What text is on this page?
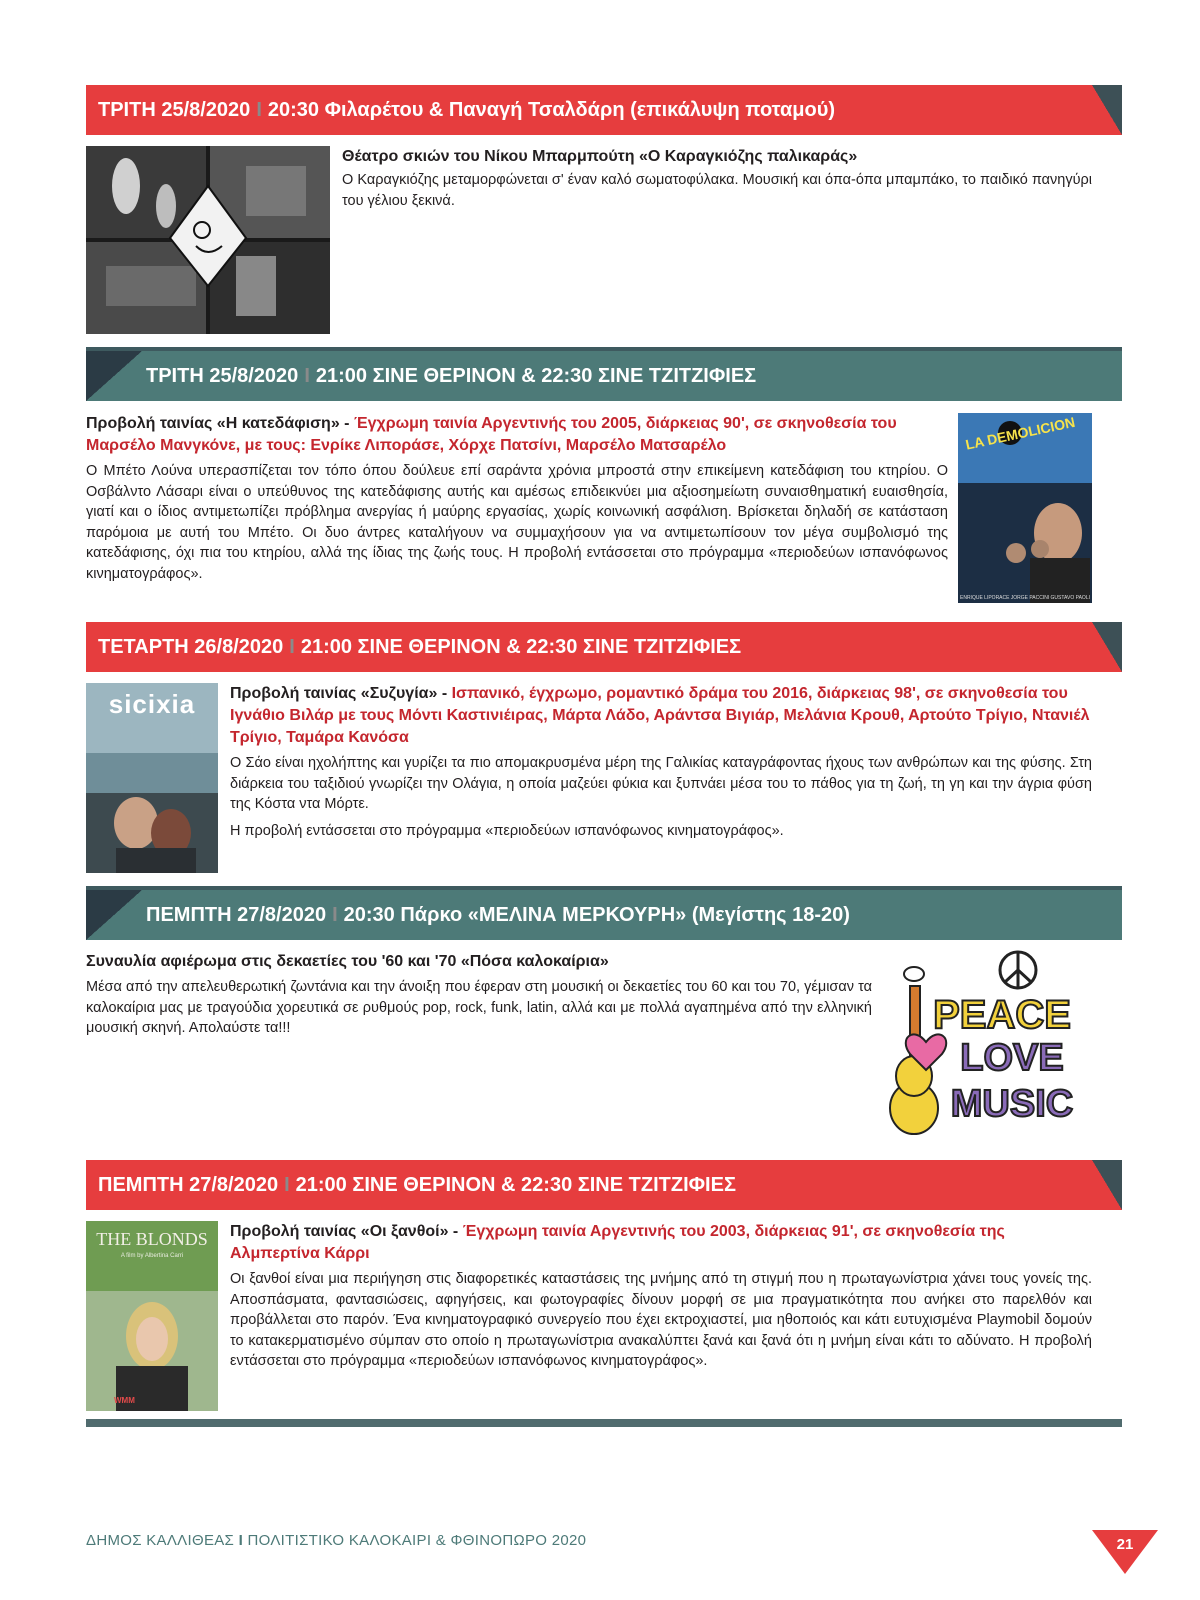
ΤΡΙΤΗ 25/8/2020 I 20:30 Φιλαρέτου & Παναγή Τσαλδάρη (επικάλυψη ποταμού)
Θέατρο σκιών του Νίκου Μπαρμπούτη «Ο Καραγκιόζης παλικαράς»
Ο Καραγκιόζης μεταμορφώνεται σ' έναν καλό σωματοφύλακα. Μουσική και όπα-όπα μπαμπάκο, το παιδικό πανηγύρι του γέλιου ξεκινά.
ΤΡΙΤΗ 25/8/2020 I 21:00 ΣΙΝΕ ΘΕΡΙΝΟΝ & 22:30 ΣΙΝΕ ΤΖΙΤΖΙΦΙΕΣ
Προβολή ταινίας «Η κατεδάφιση» - Έγχρωμη ταινία Αργεντινής του 2005, διάρκειας 90', σε σκηνοθεσία του Μαρσέλο Μανγκόνε, με τους: Ενρίκε Λιποράσε, Χόρχε Πατσίνι, Μαρσέλο Ματσαρέλο
Ο Μπέτο Λούνα υπερασπίζεται τον τόπο όπου δούλευε επί σαράντα χρόνια μπροστά στην επικείμενη κατεδάφιση του κτηρίου. Ο Οσβάλντο Λάσαρι είναι ο υπεύθυνος της κατεδάφισης αυτής και αμέσως επιδεικνύει μια αξιοσημείωτη συναισθηματική ευαισθησία, γιατί και ο ίδιος αντιμετωπίζει πρόβλημα ανεργίας ή μαύρης εργασίας, χωρίς κοινωνική ασφάλιση. Βρίσκεται δηλαδή σε κατάσταση παρόμοια με αυτή του Μπέτο. Οι δυο άντρες καταλήγουν να συμμαχήσουν για να αντιμετωπίσουν τον μέγα συμβολισμό της κατεδάφισης, όχι πια του κτηρίου, αλλά της ίδιας της ζωής τους. Η προβολή εντάσσεται στο πρόγραμμα «περιοδεύων ισπανόφωνος κινηματογράφος».
LA DEMOLICION
ENRIQUE LIPORACE JORGE PACCINI GUSTAVO PAOLI
ΤΕΤΑΡΤΗ 26/8/2020 I 21:00 ΣΙΝΕ ΘΕΡΙΝΟΝ & 22:30 ΣΙΝΕ ΤΖΙΤΖΙΦΙΕΣ
sicixia	Προβολή ταινίας «Συζυγία» - Ισπανικό, έγχρωμο, ρομαντικό δράμα του 2016, διάρκειας 98', σε σκηνοθεσία του Ιγνάθιο Βιλάρ με τους Μόντι Καστινιέιρας, Μάρτα Λάδο, Αράντσα Βιγιάρ, Μελάνια Κρουθ, Αρτούτο Τρίγιο, Ντανιέλ Τρίγιο, Ταμάρα Κανόσα
Ο Σάο είναι ηχολήπτης και γυρίζει τα πιο απομακρυσμένα μέρη της Γαλικίας καταγράφοντας ήχους των ανθρώπων και της φύσης. Στη διάρκεια του ταξιδιού γνωρίζει την Ολάγια, η οποία μαζεύει φύκια και ξυπνάει μέσα του το πάθος για τη ζωή, τη γη και την άγρια φύση της Κόστα ντα Μόρτε.
Η προβολή εντάσσεται στο πρόγραμμα «περιοδεύων ισπανόφωνος κινηματογράφος».
ΠΕΜΠΤΗ 27/8/2020 I 20:30 Πάρκο «ΜΕΛΙΝΑ ΜΕΡΚΟΥΡΗ» (Μεγίστης 18-20)
Συναυλία αφιέρωμα στις δεκαετίες του '60 και '70 «Πόσα καλοκαίρια»
Μέσα από την απελευθερωτική ζωντάνια και την άνοιξη που έφεραν στη μουσική οι δεκαετίες του 60 και του 70, γέμισαν τα καλοκαίρια μας με τραγούδια χορευτικά σε ρυθμούς pop, rock, funk, latin, αλλά και με πολλά αγαπημένα από την ελληνική μουσική σκηνή. Απολαύστε τα!!!	PEACE
LOVE
MUSIC
ΠΕΜΠΤΗ 27/8/2020 I 21:00 ΣΙΝΕ ΘΕΡΙΝΟΝ & 22:30 ΣΙΝΕ ΤΖΙΤΖΙΦΙΕΣ
THE BLONDS
A film by Albertina Carri
WMM
Προβολή ταινίας «Οι ξανθοί» - Έγχρωμη ταινία Αργεντινής του 2003, διάρκειας 91', σε σκηνοθεσία της Αλμπερτίνα Κάρρι
Οι ξανθοί είναι μια περιήγηση στις διαφορετικές καταστάσεις της μνήμης από τη στιγμή που η πρωταγωνίστρια χάνει τους γονείς της. Αποσπάσματα, φαντασιώσεις, αφηγήσεις, και φωτογραφίες δίνουν μορφή σε μια πραγματικότητα που ανήκει στο παρελθόν και προβάλλεται στο παρόν. Ένα κινηματογραφικό συνεργείο που έχει εκτροχιαστεί, μια ηθοποιός και κάτι ευτυχισμένα Playmobil δομούν το κατακερματισμένο σύμπαν στο οποίο η πρωταγωνίστρια ανακαλύπτει ξανά και ξανά ότι η μνήμη είναι κάτι το αδύνατο. Η προβολή εντάσσεται στο πρόγραμμα «περιοδεύων ισπανόφωνος κινηματογράφος».
ΔΗΜΟΣ ΚΑΛΛΙΘΕΑΣ I ΠΟΛΙΤΙΣΤΙΚΟ ΚΑΛΟΚΑΙΡΙ & ΦΘΙΝΟΠΩΡΟ 2020	21
